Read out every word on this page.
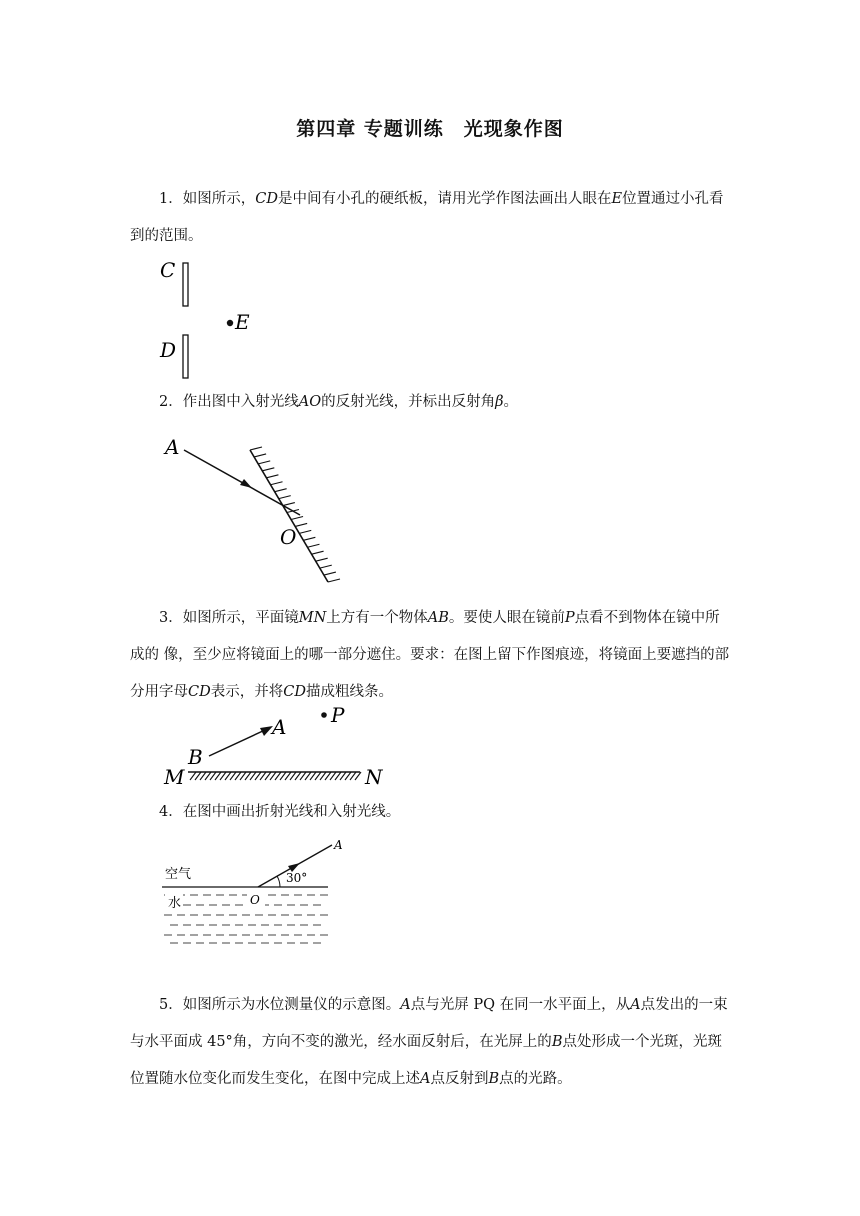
第四章 专题训练　光现象作图
1．如图所示，CD是中间有小孔的硬纸板，请用光学作图法画出人眼在E位置通过小孔看到的范围。
C
E
D
2．作出图中入射光线AO的反射光线，并标出反射角β。
A
O
3．如图所示，平面镜MN上方有一个物体AB。要使人眼在镜前P点看不到物体在镜中所成的 像，至少应将镜面上的哪一部分遮住。要求：在图上留下作图痕迹，将镜面上要遮挡的部分用字母CD表示，并将CD描成粗线条。
A P
B
M	N
4．在图中画出折射光线和入射光线。
空气
水	O
30°
A
5．如图所示为水位测量仪的示意图。A点与光屏 PQ 在同一水平面上，从A点发出的一束与水平面成 45°角，方向不变的激光，经水面反射后，在光屏上的B点处形成一个光斑，光斑位置随水位变化而发生变化，在图中完成上述A点反射到B点的光路。
